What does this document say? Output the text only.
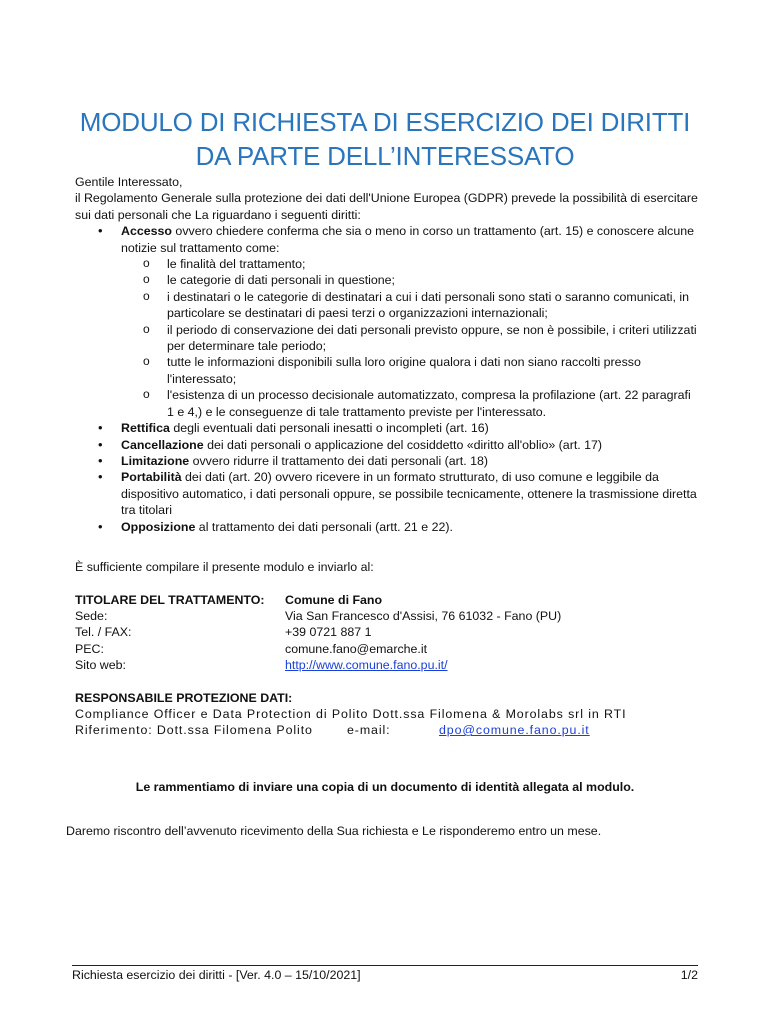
MODULO DI RICHIESTA DI ESERCIZIO DEI DIRITTI
DA PARTE DELL’INTERESSATO

Gentile Interessato,

il Regolamento Generale sulla protezione dei dati dell'Unione Europea (GDPR) prevede la possibilità di esercitare sui dati personali che La riguardano i seguenti diritti:

• Accesso ovvero chiedere conferma che sia o meno in corso un trattamento (art. 15) e conoscere alcune notizie sul trattamento come:
o le finalità del trattamento;
o le categorie di dati personali in questione;
o i destinatari o le categorie di destinatari a cui i dati personali sono stati o saranno comunicati, in particolare se destinatari di paesi terzi o organizzazioni internazionali;
o il periodo di conservazione dei dati personali previsto oppure, se non è possibile, i criteri utilizzati per determinare tale periodo;
o tutte le informazioni disponibili sulla loro origine qualora i dati non siano raccolti presso l'interessato;
o l'esistenza di un processo decisionale automatizzato, compresa la profilazione (art. 22 paragrafi 1 e 4,) e le conseguenze di tale trattamento previste per l'interessato.
• Rettifica degli eventuali dati personali inesatti o incompleti (art. 16)
• Cancellazione dei dati personali o applicazione del cosiddetto «diritto all'oblio» (art. 17)
• Limitazione ovvero ridurre il trattamento dei dati personali (art. 18)
• Portabilità dei dati (art. 20) ovvero ricevere in un formato strutturato, di uso comune e leggibile da dispositivo automatico, i dati personali oppure, se possibile tecnicamente, ottenere la trasmissione diretta tra titolari
• Opposizione al trattamento dei dati personali (artt. 21 e 22).

È sufficiente compilare il presente modulo e inviarlo al:

TITOLARE DEL TRATTAMENTO:	Comune di Fano
Sede:	Via San Francesco d'Assisi, 76 61032 - Fano (PU)
Tel. / FAX:	+39 0721 887 1
PEC:	comune.fano@emarche.it
Sito web:	http://www.comune.fano.pu.it/
RESPONSABILE PROTEZIONE DATI:
Compliance Officer e Data Protection di Polito Dott.ssa Filomena & Morolabs srl in RTI
Riferimento: Dott.ssa Filomena Polito	e-mail:	dpo@comune.fano.pu.it
Le rammentiamo di inviare una copia di un documento di identità allegata al modulo.
Daremo riscontro dell’avvenuto ricevimento della Sua richiesta e Le risponderemo entro un mese.
Richiesta esercizio dei diritti - [Ver. 4.0 – 15/10/2021]	1/2
